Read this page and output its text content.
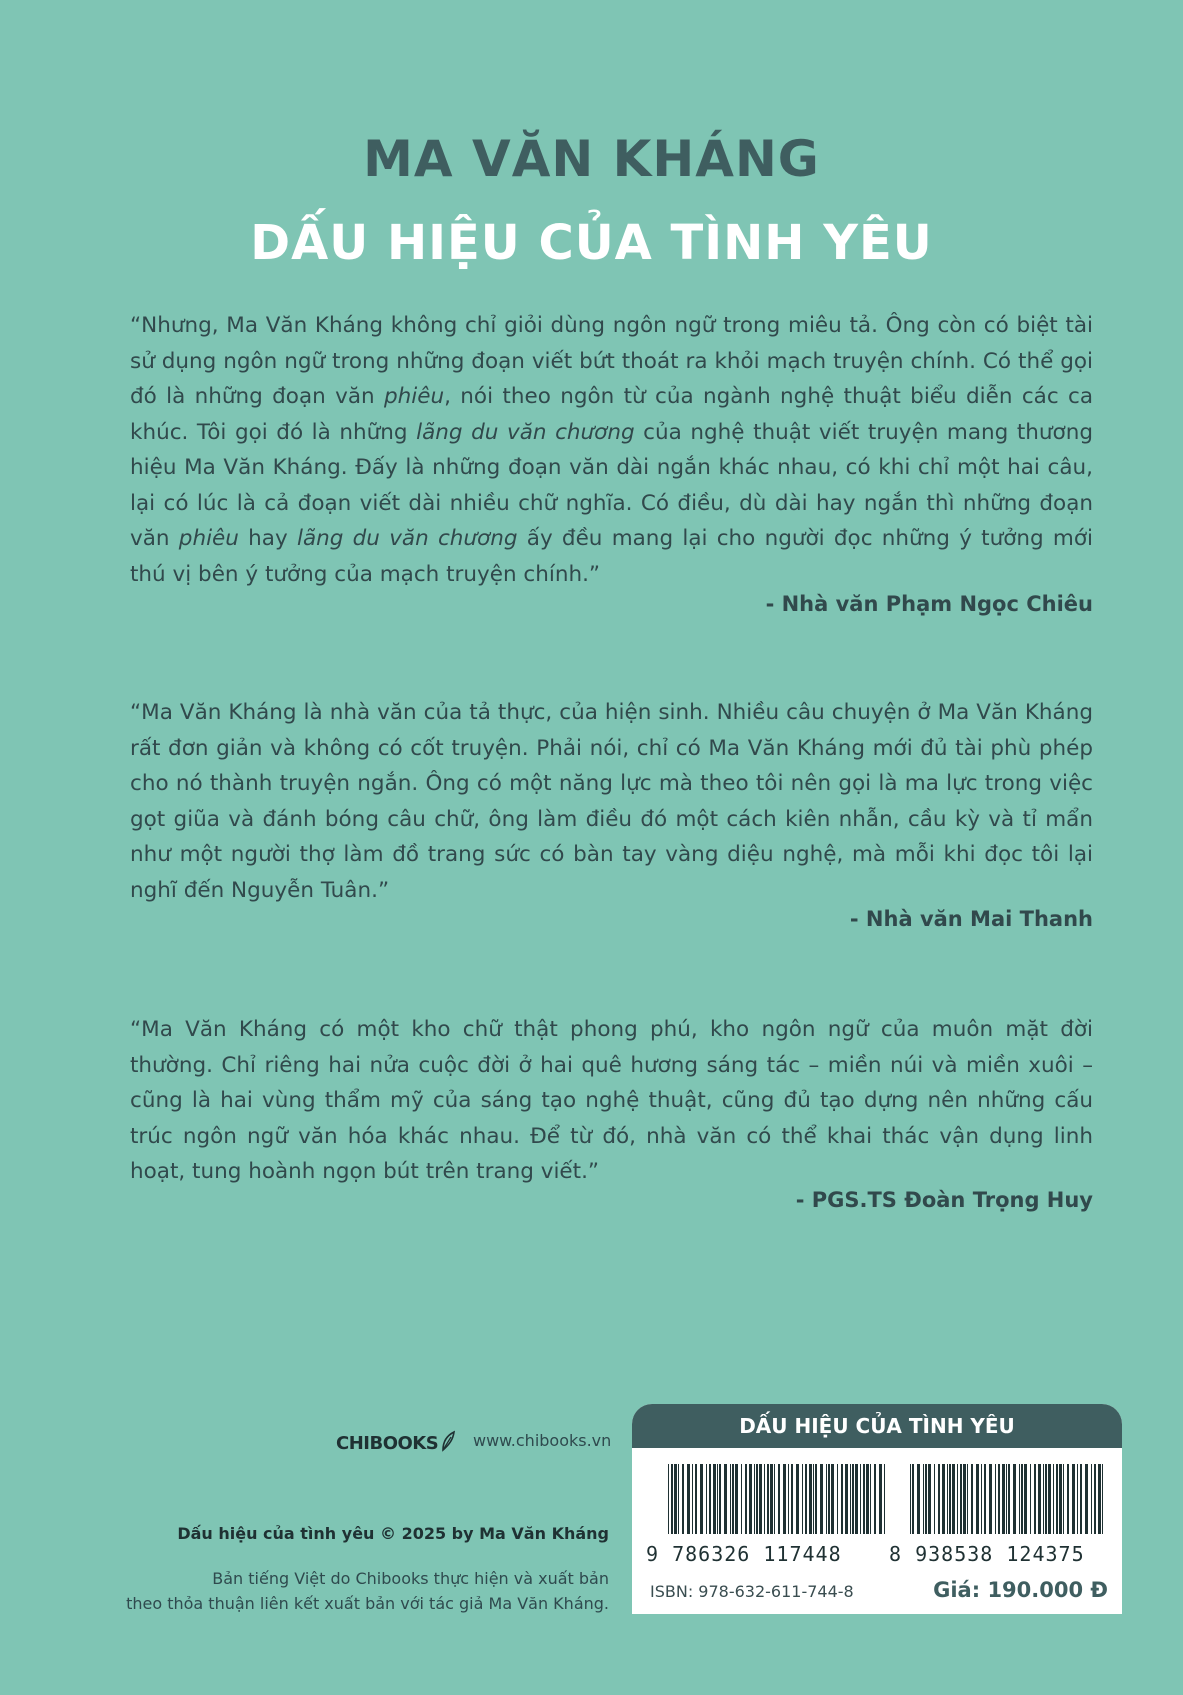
MA VĂN KHÁNG
DẤU HIỆU CỦA TÌNH YÊU

“Nhưng, Ma Văn Kháng không chỉ giỏi dùng ngôn ngữ trong miêu tả. Ông còn có biệt tài sử dụng ngôn ngữ trong những đoạn viết bứt thoát ra khỏi mạch truyện chính. Có thể gọi đó là những đoạn văn phiêu, nói theo ngôn từ của ngành nghệ thuật biểu diễn các ca khúc. Tôi gọi đó là những lãng du văn chương của nghệ thuật viết truyện mang thương hiệu Ma Văn Kháng. Đấy là những đoạn văn dài ngắn khác nhau, có khi chỉ một hai câu, lại có lúc là cả đoạn viết dài nhiều chữ nghĩa. Có điều, dù dài hay ngắn thì những đoạn văn phiêu hay lãng du văn chương ấy đều mang lại cho người đọc những ý tưởng mới thú vị bên ý tưởng của mạch truyện chính.”

- Nhà văn Phạm Ngọc Chiêu

“Ma Văn Kháng là nhà văn của tả thực, của hiện sinh. Nhiều câu chuyện ở Ma Văn Kháng rất đơn giản và không có cốt truyện. Phải nói, chỉ có Ma Văn Kháng mới đủ tài phù phép cho nó thành truyện ngắn. Ông có một năng lực mà theo tôi nên gọi là ma lực trong việc gọt giũa và đánh bóng câu chữ, ông làm điều đó một cách kiên nhẫn, cầu kỳ và tỉ mẩn như một người thợ làm đồ trang sức có bàn tay vàng diệu nghệ, mà mỗi khi đọc tôi lại nghĩ đến Nguyễn Tuân.”

- Nhà văn Mai Thanh

“Ma Văn Kháng có một kho chữ thật phong phú, kho ngôn ngữ của muôn mặt đời thường. Chỉ riêng hai nửa cuộc đời ở hai quê hương sáng tác – miền núi và miền xuôi – cũng là hai vùng thẩm mỹ của sáng tạo nghệ thuật, cũng đủ tạo dựng nên những cấu trúc ngôn ngữ văn hóa khác nhau. Để từ đó, nhà văn có thể khai thác vận dụng linh hoạt, tung hoành ngọn bút trên trang viết.”

- PGS.TS Đoàn Trọng Huy
CHIBOOKS www.chibooks.vn
Dấu hiệu của tình yêu © 2025 by Ma Văn Kháng
Bản tiếng Việt do Chibooks thực hiện và xuất bản
theo thỏa thuận liên kết xuất bản với tác giả Ma Văn Kháng.
DẤU HIỆU CỦA TÌNH YÊU
9 786326 117448 8 938538 124375
ISBN: 978-632-611-744-8	Giá: 190.000 Đ
